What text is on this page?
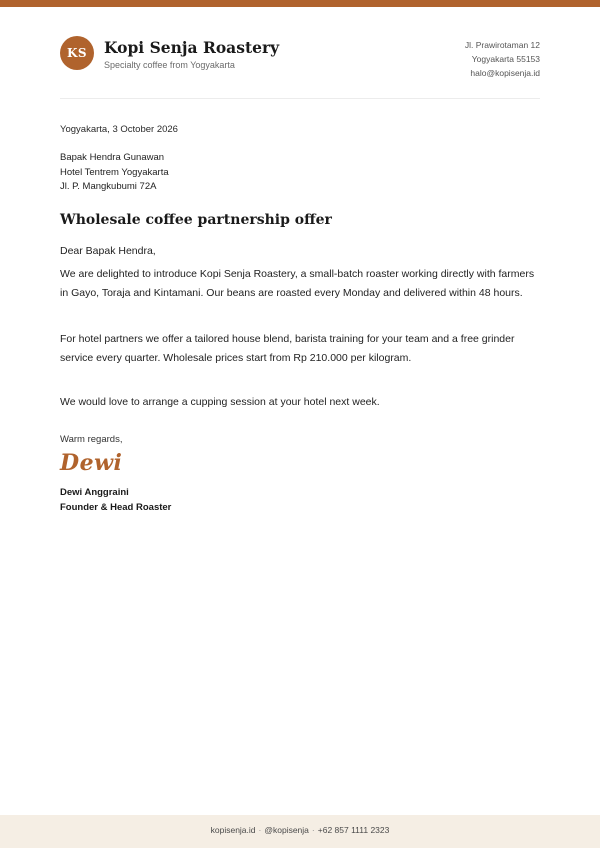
KS	Kopi Senja Roastery
Specialty coffee from Yogyakarta
Jl. Prawirotaman 12
Yogyakarta 55153
halo@kopisenja.id
Yogyakarta, 3 October 2026
Bapak Hendra Gunawan
Hotel Tentrem Yogyakarta
Jl. P. Mangkubumi 72A
Wholesale coffee partnership offer
Dear Bapak Hendra,

We are delighted to introduce Kopi Senja Roastery, a small-batch roaster working directly with farmers in Gayo, Toraja and Kintamani. Our beans are roasted every Monday and delivered within 48 hours.

For hotel partners we offer a tailored house blend, barista training for your team and a free grinder service every quarter. Wholesale prices start from Rp 210.000 per kilogram.

We would love to arrange a cupping session at your hotel next week.

Warm regards,
Dewi
Dewi Anggraini
Founder & Head Roaster
kopisenja.id · @kopisenja · +62 857 1111 2323
